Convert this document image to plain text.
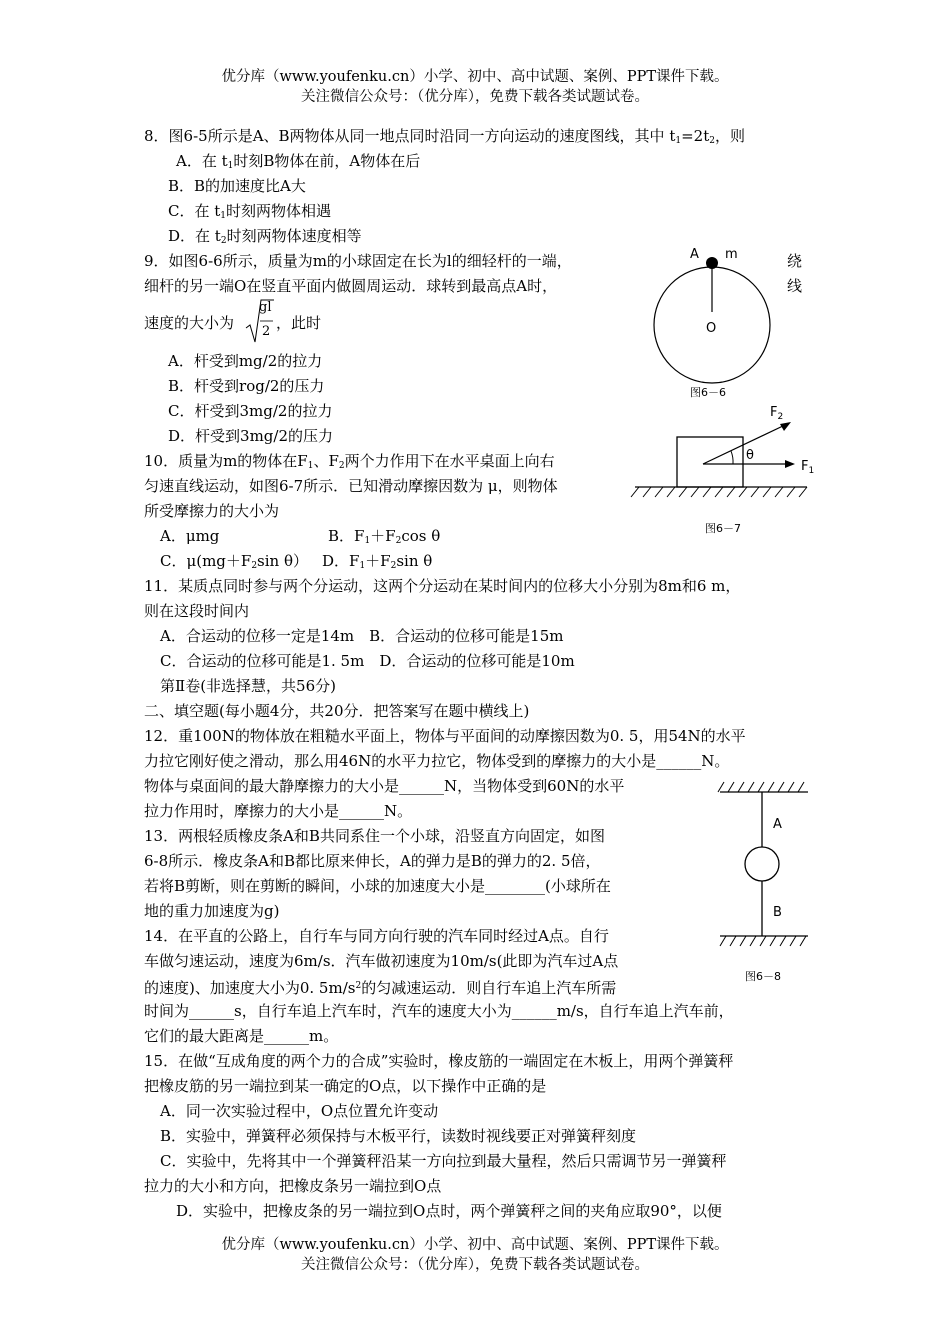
优分库（www.youfenku.cn）小学、初中、高中试题、案例、PPT课件下载。
关注微信公众号：（优分库），免费下载各类试题试卷。
8．图6-5所示是A、B两物体从同一地点同时沿同一方向运动的速度图线，其中 $t_1=2t_2$，则
A．在 $t_1$时刻B物体在前，A物体在后
B．B的加速度比A大
C．在 $t_1$时刻两物体相遇
D．在 $t_2$时刻两物体速度相等
9．如图6-6所示，质量为m的小球固定在长为l的细轻杆的一端，
细杆的另一端O在竖直平面内做圆周运动．球转到最高点A时，
绕
线
速度的大小为
gl
2 ，此时
A．杆受到mg/2的拉力
B．杆受到rog/2的压力
C．杆受到3mg/2的拉力
D．杆受到3mg/2的压力
A m
O
图6－6
10．质量为m的物体在$F_1$、$F_2$两个力作用下在水平桌面上向右
匀速直线运动，如图6-7所示．已知滑动摩擦因数为 μ，则物体
所受摩擦力的大小为
A．μmg	B．$F_1+F_2\cos$ θ
C．$\mu(mg+F_2\sin$ θ） D．$F_1+F_2\sin$ θ
θ
$F_2$
$F_1$
图6－7
11．某质点同时参与两个分运动，这两个分运动在某时间内的位移大小分别为8m和6 m，
则在这段时间内
A．合运动的位移一定是14m　B．合运动的位移可能是15m
C．合运动的位移可能是1. 5m　D．合运动的位移可能是10m
第Ⅱ卷(非选择慧，共56分)
二、填空题(每小题4分，共20分．把答案写在题中横线上)
12．重100N的物体放在粗糙水平面上，物体与平面间的动摩擦因数为0. 5，用54N的水平
力拉它刚好使之滑动，那么用46N的水平力拉它，物体受到的摩擦力的大小是______N。
物体与桌面间的最大静摩擦力的大小是______N，当物体受到60N的水平
拉力作用时，摩擦力的大小是______N。
13．两根轻质橡皮条A和B共同系住一个小球，沿竖直方向固定，如图
6-8所示．橡皮条A和B都比原来伸长，A的弹力是B的弹力的2. 5倍，
若将B剪断，则在剪断的瞬间，小球的加速度大小是________(小球所在
地的重力加速度为g)
A
B
图6－8
14．在平直的公路上，自行车与同方向行驶的汽车同时经过A点。自行
车做匀速运动，速度为6m/s．汽车做初速度为10m/s(此即为汽车过A点
的速度)、加速度大小为0. $5m/s^2$的匀减速运动．则自行车追上汽车所需
时间为______s，自行车追上汽车时，汽车的速度大小为______m/s，自行车追上汽车前，
它们的最大距离是______m。
15．在做“互成角度的两个力的合成”实验时，橡皮筋的一端固定在木板上，用两个弹簧秤
把橡皮筋的另一端拉到某一确定的O点，以下操作中正确的是
A．同一次实验过程中，O点位置允许变动
B．实验中，弹簧秤必须保持与木板平行，读数时视线要正对弹簧秤刻度
C．实验中，先将其中一个弹簧秤沿某一方向拉到最大量程，然后只需调节另一弹簧秤
拉力的大小和方向，把橡皮条另一端拉到O点
D．实验中，把橡皮条的另一端拉到O点时，两个弹簧秤之间的夹角应取90°，以便
优分库（www.youfenku.cn）小学、初中、高中试题、案例、PPT课件下载。
关注微信公众号：（优分库），免费下载各类试题试卷。
